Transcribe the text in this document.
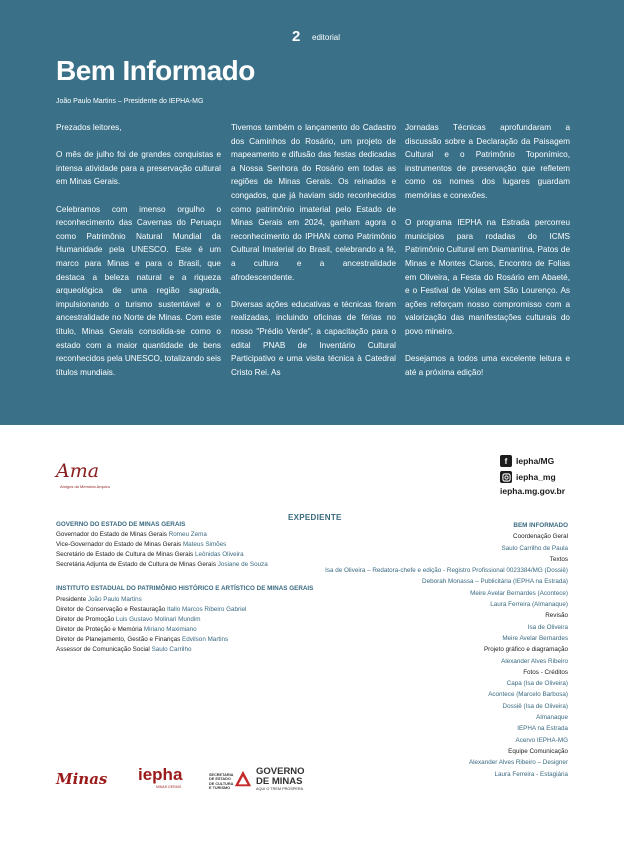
2 editorial
Bem Informado
João Paulo Martins – Presidente do IEPHA-MG

Prezados leitores,

O mês de julho foi de grandes conquistas e intensa atividade para a preservação cultural em Minas Gerais.

Celebramos com imenso orgulho o reconhecimento das Cavernas do Peruaçu como Patrimônio Natural Mundial da Humanidade pela UNESCO. Este é um marco para Minas e para o Brasil, que destaca a beleza natural e a riqueza arqueológica de uma região sagrada, impulsionando o turismo sustentável e o ancestralidade no Norte de Minas. Com este título, Minas Gerais consolida-se como o estado com a maior quantidade de bens reconhecidos pela UNESCO, totalizando seis títulos mundiais.

Tivemos também o lançamento do Cadastro dos Caminhos do Rosário, um projeto de mapeamento e difusão das festas dedicadas a Nossa Senhora do Rosário em todas as regiões de Minas Gerais. Os reinados e congados, que já haviam sido reconhecidos como patrimônio imaterial pelo Estado de Minas Gerais em 2024, ganham agora o reconhecimento do IPHAN como Patrimônio Cultural Imaterial do Brasil, celebrando a fé, a cultura e a ancestralidade afrodescendente.

Diversas ações educativas e técnicas foram realizadas, incluindo oficinas de férias no nosso "Prédio Verde", a capacitação para o edital PNAB de Inventário Cultural Participativo e uma visita técnica à Catedral Cristo Rei. As

Jornadas Técnicas aprofundaram a discussão sobre a Declaração da Paisagem Cultural e o Patrimônio Toponímico, instrumentos de preservação que refletem como os nomes dos lugares guardam memórias e conexões.

O programa IEPHA na Estrada percorreu municípios para rodadas do ICMS Patrimônio Cultural em Diamantina, Patos de Minas e Montes Claros, Encontro de Folias em Oliveira, a Festa do Rosário em Abaeté, e o Festival de Violas em São Lourenço. As ações reforçam nosso compromisso com a valorização das manifestações culturais do povo mineiro.

Desejamos a todos uma excelente leitura e até a próxima edição!

Ama
Amigos da Memória Arquivo
f	Iepha/MG
iepha_mg
iepha.mg.gov.br
EXPEDIENTE
GOVERNO DO ESTADO DE MINAS GERAIS
Governador do Estado de Minas Gerais Romeu Zema
Vice-Governador do Estado de Minas Gerais Mateus Simões
Secretário de Estado de Cultura de Minas Gerais Leônidas Oliveira
Secretária Adjunta de Estado de Cultura de Minas Gerais Josiane de Souza
INSTITUTO ESTADUAL DO PATRIMÔNIO HISTÓRICO E ARTÍSTICO DE MINAS GERAIS
Presidente João Paulo Martins
Diretor de Conservação e Restauração Itallo Marcos Ribeiro Gabriel
Diretor de Promoção Luis Gustavo Molinari Mundim
Diretor de Proteção e Memória Miriano Maximiano
Diretor de Planejamento, Gestão e Finanças Edvilson Martins
Assessor de Comunicação Social Saulo Carrilho
BEM INFORMADO
Coordenação Geral
Saulo Carrilho de Paula
Textos
Isa de Oliveira – Redatora-chefe e edição - Registro Profissional 0023384/MG (Dossiê)
Deborah Monassa – Publicitária (IEPHA na Estrada)
Meire Avelar Bernardes (Acontece)
Laura Ferreira (Almanaque)
Revisão
Isa de Oliveira
Meire Avelar Bernardes
Projeto gráfico e diagramação
Alexander Alves Ribeiro
Fotos - Créditos
Capa (Isa de Oliveira)
Acontece (Marcelo Barbosa)
Dossiê (Isa de Oliveira)
Almanaque
IEPHA na Estrada
Acervo IEPHA-MG
Equipe Comunicação
Alexander Alves Ribeiro – Designer
Laura Ferreira - Estagiária
Minas iepha
MINAS GERAIS
SECRETARIA
DE ESTADO
DE CULTURA
E TURISMO
GOVERNO
DE MINAS
AQUI O TREM PROSPERA
